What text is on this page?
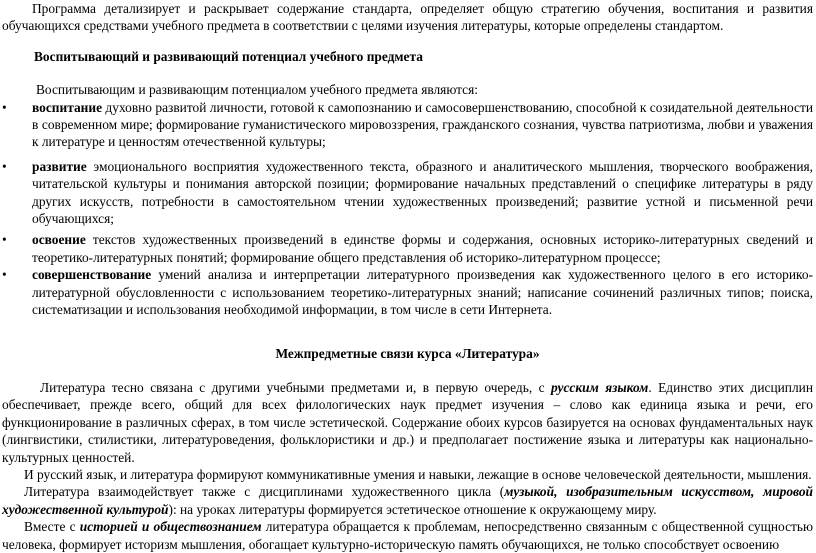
Программа детализирует и раскрывает содержание стандарта, определяет общую стратегию обучения, воспитания и развития обучающихся средствами учебного предмета в соответствии с целями изучения литературы, которые определены стандартом.

Воспитывающий и развивающий потенциал учебного предмета

Воспитывающим и развивающим потенциалом учебного предмета являются:

• воспитание духовно развитой личности, готовой к самопознанию и самосовершенствованию, способной к созидательной деятельности в современном мире; формирование гуманистического мировоззрения, гражданского сознания, чувства патриотизма, любви и уважения к литературе и ценностям отечественной культуры;
• развитие эмоционального восприятия художественного текста, образного и аналитического мышления, творческого воображения, читательской культуры и понимания авторской позиции; формирование начальных представлений о специфике литературы в ряду других искусств, потребности в самостоятельном чтении художественных произведений; развитие устной и письменной речи обучающихся;
• освоение текстов художественных произведений в единстве формы и содержания, основных историко-литературных сведений и теоретико-литературных понятий; формирование общего представления об историко-литературном процессе;
• совершенствование умений анализа и интерпретации литературного произведения как художественного целого в его историко-литературной обусловленности с использованием теоретико-литературных знаний; написание сочинений различных типов; поиска, систематизации и использования необходимой информации, в том числе в сети Интернета.

Межпредметные связи курса «Литература»

Литература тесно связана с другими учебными предметами и, в первую очередь, с русским языком. Единство этих дисциплин обеспечивает, прежде всего, общий для всех филологических наук предмет изучения – слово как единица языка и речи, его функционирование в различных сферах, в том числе эстетической. Содержание обоих курсов базируется на основах фундаментальных наук (лингвистики, стилистики, литературоведения, фольклористики и др.) и предполагает постижение языка и литературы как национально-культурных ценностей.

И русский язык, и литература формируют коммуникативные умения и навыки, лежащие в основе человеческой деятельности, мышления.

Литература взаимодействует также с дисциплинами художественного цикла (музыкой, изобразительным искусством, мировой художественной культурой): на уроках литературы формируется эстетическое отношение к окружающему миру.

Вместе с историей и обществознанием литература обращается к проблемам, непосредственно связанным с общественной сущностью человека, формирует историзм мышления, обогащает культурно-историческую память обучающихся, не только способствует освоению
